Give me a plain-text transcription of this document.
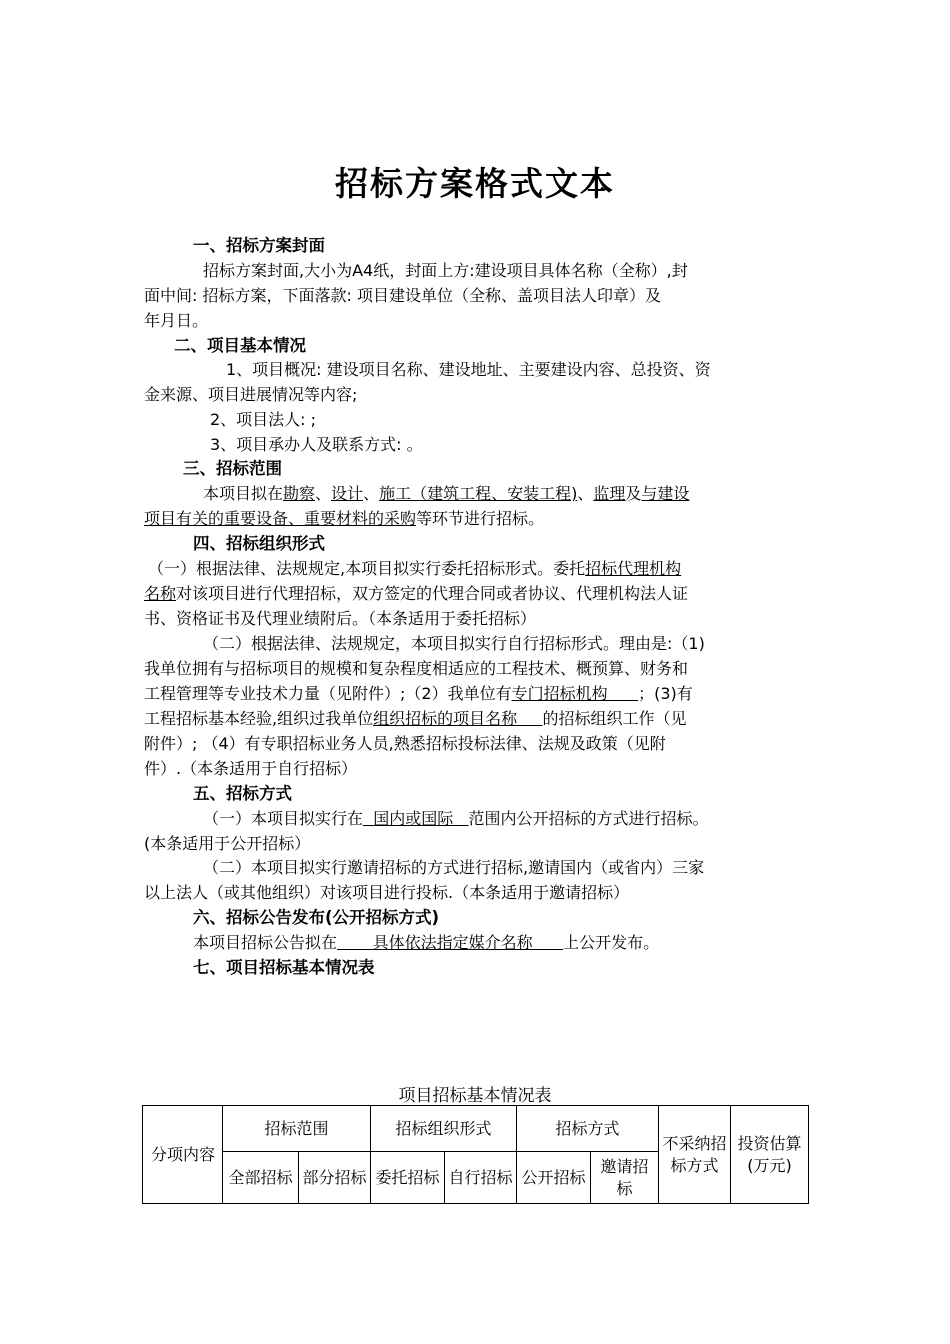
招标方案格式文本
一、招标方案封面
招标方案封面,大小为A4纸，封面上方:建设项目具体名称（全称）,封
面中间: 招标方案，下面落款: 项目建设单位（全称、盖项目法人印章）及
年月日。
二、项目基本情况
1、项目概况: 建设项目名称、建设地址、主要建设内容、总投资、资
金来源、项目进展情况等内容;
2、项目法人: ;
3、项目承办人及联系方式: 。
三、招标范围
本项目拟在勘察、设计、施工（建筑工程、安装工程)、监理及与建设
项目有关的重要设备、重要材料的采购等环节进行招标。
四、招标组织形式
（一）根据法律、法规规定,本项目拟实行委托招标形式。委托招标代理机构
名称对该项目进行代理招标，双方签定的代理合同或者协议、代理机构法人证
书、资格证书及代理业绩附后。（本条适用于委托招标）
（二）根据法律、法规规定，本项目拟实行自行招标形式。理由是:（1)
我单位拥有与招标项目的规模和复杂程度相适应的工程技术、概预算、财务和
工程管理等专业技术力量（见附件）;（2）我单位有专门招标机构      ；(3)有
工程招标基本经验,组织过我单位组织招标的项目名称     的招标组织工作（见
附件）; （4）有专职招标业务人员,熟悉招标投标法律、法规及政策（见附
件）.（本条适用于自行招标）
五、招标方式
（一）本项目拟实行在  国内或国际   范围内公开招标的方式进行招标。
(本条适用于公开招标）
（二）本项目拟实行邀请招标的方式进行招标,邀请国内（或省内）三家
以上法人（或其他组织）对该项目进行投标.（本条适用于邀请招标）
六、招标公告发布(公开招标方式)
本项目招标公告拟在       具体依法指定媒介名称      上公开发布。
七、项目招标基本情况表
项目招标基本情况表
分项内容	招标范围		招标组织形式		招标方式		不采纳招标方式	投资估算(万元)
	全部招标	部分招标	委托招标	自行招标	公开招标	邀请招标		
